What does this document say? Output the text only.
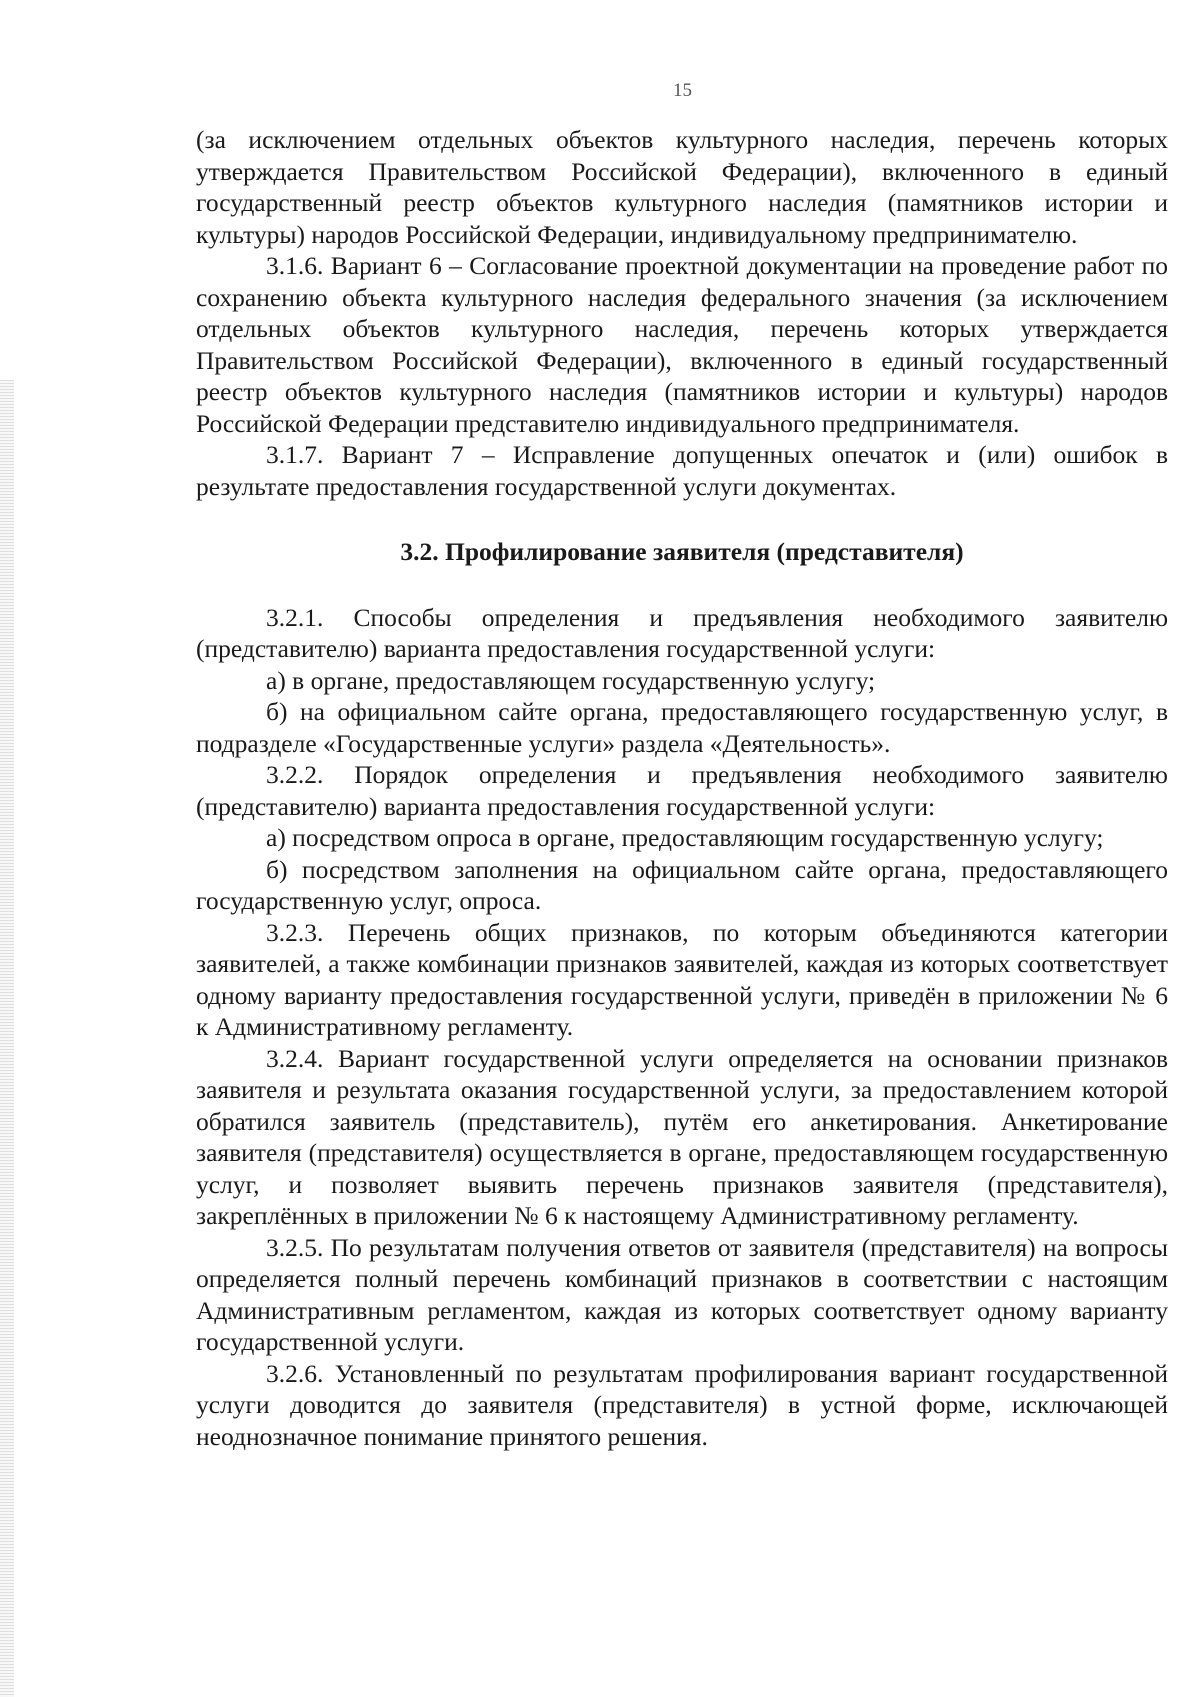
15

(за исключением отдельных объектов культурного наследия, перечень которых утверждается Правительством Российской Федерации), включенного в единый государственный реестр объектов культурного наследия (памятников истории и культуры) народов Российской Федерации, индивидуальному предпринимателю.

3.1.6. Вариант 6 – Согласование проектной документации на проведение работ по сохранению объекта культурного наследия федерального значения (за исключением отдельных объектов культурного наследия, перечень которых утверждается Правительством Российской Федерации), включенного в единый государственный реестр объектов культурного наследия (памятников истории и культуры) народов Российской Федерации представителю индивидуального предпринимателя.

3.1.7. Вариант 7 – Исправление допущенных опечаток и (или) ошибок в результате предоставления государственной услуги документах.

3.2. Профилирование заявителя (представителя)

3.2.1. Способы определения и предъявления необходимого заявителю (представителю) варианта предоставления государственной услуги:

а) в органе, предоставляющем государственную услугу;

б) на официальном сайте органа, предоставляющего государственную услуг, в подразделе «Государственные услуги» раздела «Деятельность».

3.2.2. Порядок определения и предъявления необходимого заявителю (представителю) варианта предоставления государственной услуги:

а) посредством опроса в органе, предоставляющим государственную услугу;

б) посредством заполнения на официальном сайте органа, предоставляющего государственную услуг, опроса.

3.2.3. Перечень общих признаков, по которым объединяются категории заявителей, а также комбинации признаков заявителей, каждая из которых соответствует одному варианту предоставления государственной услуги, приведён в приложении № 6 к Административному регламенту.

3.2.4. Вариант государственной услуги определяется на основании признаков заявителя и результата оказания государственной услуги, за предоставлением которой обратился заявитель (представитель), путём его анкетирования. Анкетирование заявителя (представителя) осуществляется в органе, предоставляющем государственную услуг, и позволяет выявить перечень признаков заявителя (представителя), закреплённых в приложении № 6 к настоящему Административному регламенту.

3.2.5. По результатам получения ответов от заявителя (представителя) на вопросы определяется полный перечень комбинаций признаков в соответствии с настоящим Административным регламентом, каждая из которых соответствует одному варианту государственной услуги.

3.2.6. Установленный по результатам профилирования вариант государственной услуги доводится до заявителя (представителя) в устной форме, исключающей неоднозначное понимание принятого решения.
